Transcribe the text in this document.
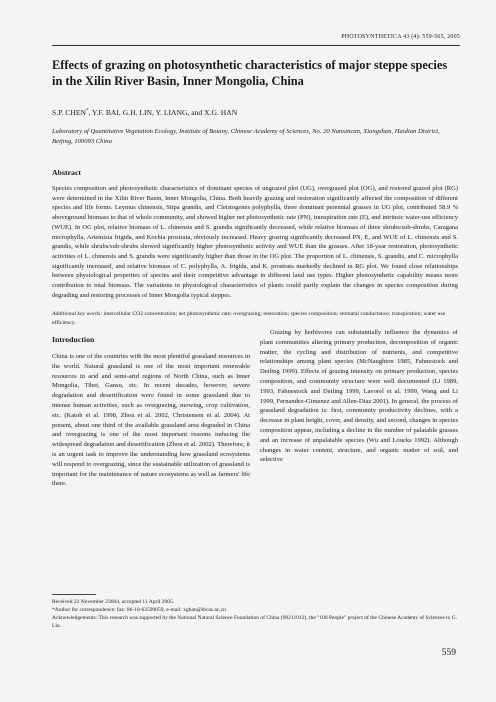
PHOTOSYNTHETICA 43 (4): 559-565, 2005
Effects of grazing on photosynthetic characteristics of major steppe species in the Xilin River Basin, Inner Mongolia, China
S.P. CHEN*, Y.F. BAI, G.H. LIN, Y. LIANG, and X.G. HAN
Laboratory of Quantitative Vegetation Ecology, Institute of Botany, Chinese Academy of Sciences, No. 20 Nanxincun, Xiangshan, Haidian District, Beijing, 100093 China
Abstract

Species composition and photosynthetic characteristics of dominant species of ungrazed plot (UG), overgrazed plot (OG), and restored grazed plot (RG) were determined in the Xilin River Basin, Inner Mongolia, China. Both heavily grazing and restoration significantly affected the composition of different species and life forms. Leymus chinensis, Stipa grandis, and Cleistogenes polyphylla, three dominant perennial grasses in UG plot, contributed 58.9 % aboveground biomass to that of whole community, and showed higher net photosynthetic rate (PN), transpiration rate (E), and intrinsic water-use efficiency (WUE). In OG plot, relative biomass of L. chinensis and S. grandis significantly decreased, while relative biomass of three shrubs/sub-shrubs, Caragana microphylla, Artemisia frigida, and Kochia prostrata, obviously increased. Heavy grazing significantly decreased PN, E, and WUE of L. chinensis and S. grandis, while shrubs/sub-shrubs showed significantly higher photosynthetic activity and WUE than the grasses. After 18-year restoration, photosynthetic activities of L. chinensis and S. grandis were significantly higher than those in the OG plot. The proportion of L. chinensis, S. grandis, and C. microphylla significantly increased, and relative biomass of C. polyphylla, A. frigida, and K. prostrata markedly declined in RG plot. We found close relationships between physiological properties of species and their competitive advantage in different land use types. Higher photosynthetic capability means more contribution to total biomass. The variations in physiological characteristics of plants could partly explain the changes in species composition during degrading and restoring processes of Inner Mongolia typical steppes.

Additional key words: intercellular CO2 concentration; net photosynthetic rate; overgrazing; restoration; species composition; stomatal conductance; transpiration; water use efficiency.

Introduction

China is one of the countries with the most plentiful grassland resources in the world. Natural grassland is one of the most important renewable resources in arid and semi-arid regions of North China, such as Inner Mongolia, Tibet, Gansu, etc. In recent decades, however, severe degradation and desertification were found in some grassland due to intense human activities, such as overgrazing, mowing, crop cultivation, etc. (Katoh et al. 1998, Zhou et al. 2002, Christensen et al. 2004). At present, about one third of the available grassland area degraded in China and overgrazing is one of the most important reasons inducing the widespread degradation and desertification (Zhou et al. 2002). Therefore, it is an urgent task to improve the understanding how grassland ecosystems will respond to overgrazing, since the sustainable utilization of grassland is important for the maintenance of nature ecosystems as well as farmers' life there.

Grazing by herbivores can substantially influence the dynamics of plant communities altering primary production, decomposition of organic matter, the cycling and distribution of nutrients, and competitive relationships among plant species (McNaughton 1985, Fahnestock and Detling 1999). Effects of grazing intensity on primary production, species composition, and community structure were well documented (Li 1989, 1993, Fahnestock and Detling 1999, Lavorel et al. 1999, Wang and Li 1999, Fernandez-Gimenez and Allen-Diaz 2001). In general, the process of grassland degradation is: first, community productivity declines, with a decrease in plant height, cover, and density, and second, changes in species composition appear, including a decline in the number of palatable grasses and an increase of unpalatable species (Wu and Loucks 1992). Although changes in water content, structure, and organic matter of soil, and selective

Received 22 November 23004, accepted 11 April 2005.
*Author for correspondence; fax: 86-10-62599059, e-mail: xghan@ibcas.ac.cn
Acknowledgements: This research was supported by the National Natural Science Foundation of China (90211012), the "100 People" project of the Chinese Academy of Sciences to G. Lin.
559
